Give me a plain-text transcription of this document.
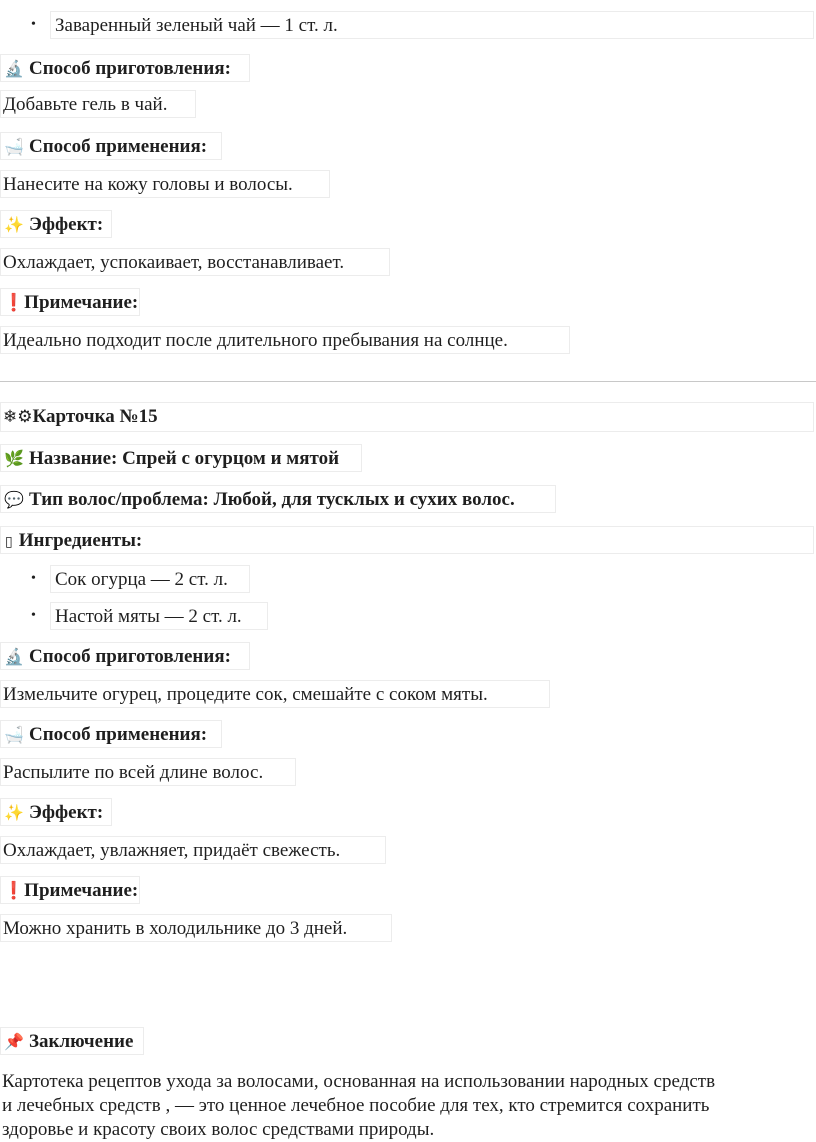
• Заваренный зеленый чай — 1 ст. л.
🔬 Способ приготовления:
Добавьте гель в чай.
🛁 Способ применения:
Нанесите на кожу головы и волосы.
✨ Эффект:
Охлаждает, успокаивает, восстанавливает.
❗Примечание:
Идеально подходит после длительного пребывания на солнце.
❄⚙Карточка №15
🌿 Название: Спрей с огурцом и мятой
💬 Тип волос/проблема: Любой, для тусклых и сухих волос.
▯ Ингредиенты:
• Сок огурца — 2 ст. л.
• Настой мяты — 2 ст. л.
🔬 Способ приготовления:
Измельчите огурец, процедите сок, смешайте с соком мяты.
🛁 Способ применения:
Распылите по всей длине волос.
✨ Эффект:
Охлаждает, увлажняет, придаёт свежесть.
❗Примечание:
Можно хранить в холодильнике до 3 дней.
📌 Заключение
Картотека рецептов ухода за волосами, основанная на использовании народных средств
и лечебных средств , — это ценное лечебное пособие для тех, кто стремится сохранить
здоровье и красоту своих волос средствами природы.
